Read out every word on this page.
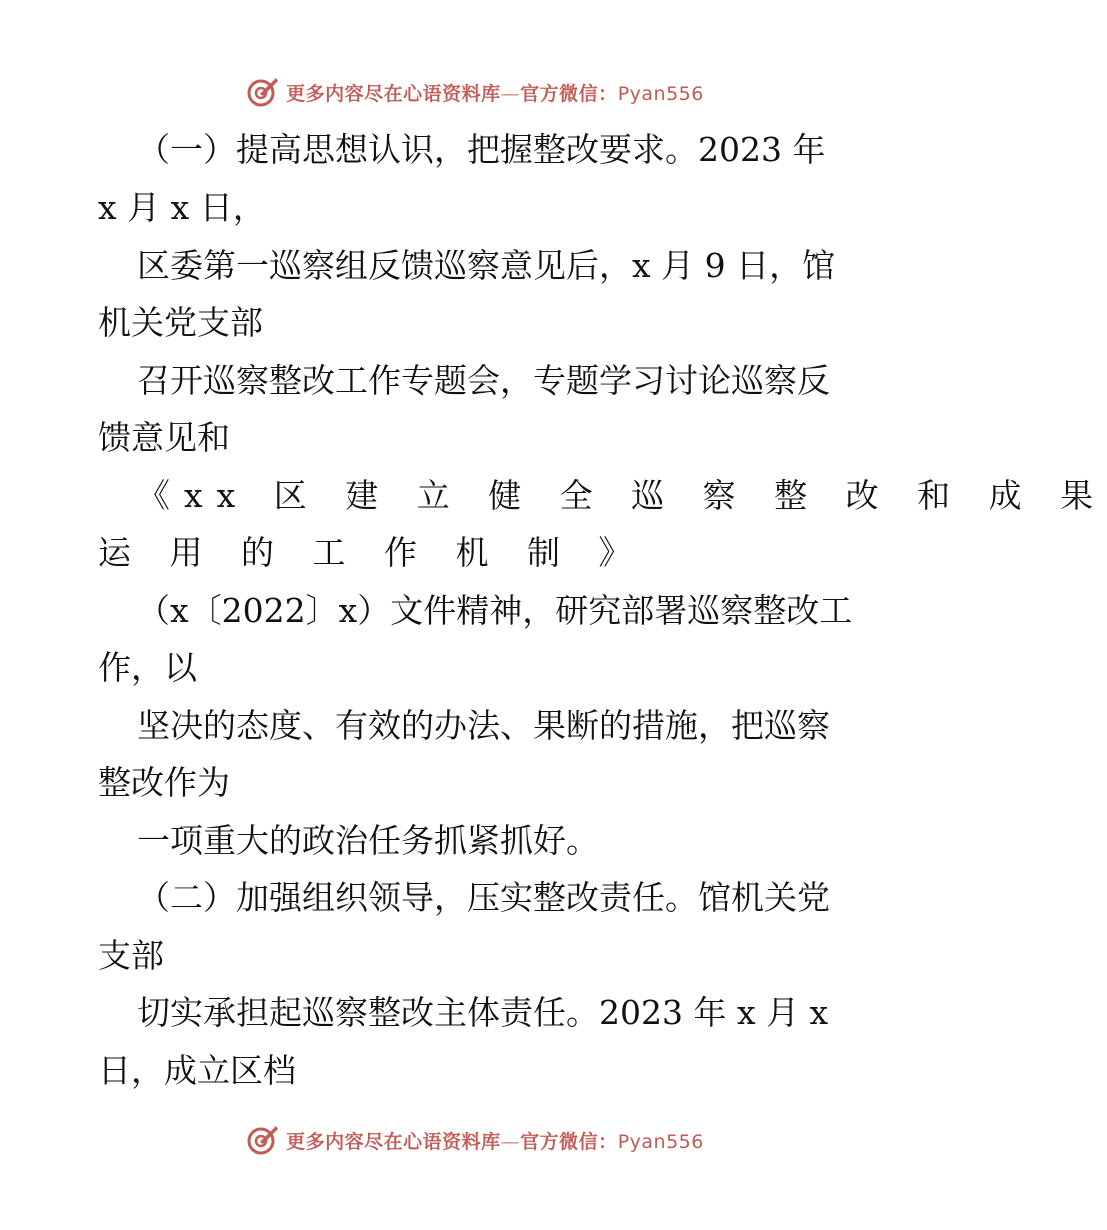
更多内容尽在心语资料库—官方微信：Pyan556
（一）提高思想认识，把握整改要求。2023 年
x 月 x 日，
区委第一巡察组反馈巡察意见后，x 月 9 日，馆
机关党支部
召开巡察整改工作专题会，专题学习讨论巡察反
馈意见和
《xx 区 建 立 健 全 巡 察 整 改 和 成 果
运 用 的 工 作 机 制 》
（x〔2022〕x）文件精神，研究部署巡察整改工
作，以
坚决的态度、有效的办法、果断的措施，把巡察
整改作为
一项重大的政治任务抓紧抓好。
（二）加强组织领导，压实整改责任。馆机关党
支部
切实承担起巡察整改主体责任。2023 年 x 月 x
日，成立区档
更多内容尽在心语资料库—官方微信：Pyan556
